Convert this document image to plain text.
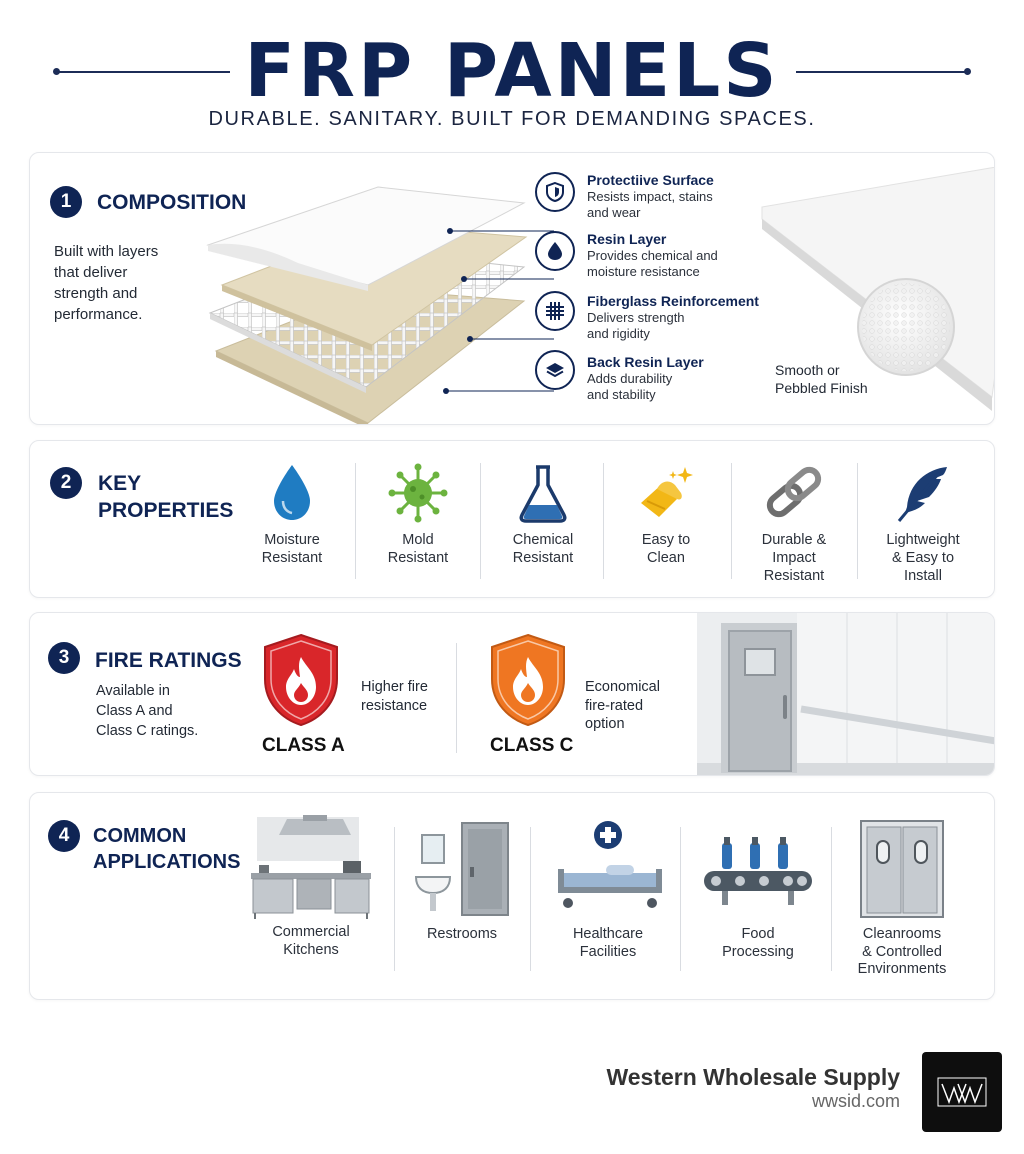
FRP PANELS
DURABLE. SANITARY. BUILT FOR DEMANDING SPACES.
1	COMPOSITION
Built with layers
that deliver
strength and
performance.
Protectiive Surface
Resists impact, stains
and wear
Resin Layer
Provides chemical and
moisture resistance
Fiberglass Reinforcement
Delivers strength
and rigidity
Back Resin Layer
Adds durability
and stability
Smooth or
Pebbled Finish
2	KEY
PROPERTIES
Moisture
Resistant
Mold
Resistant
Chemical
Resistant
Easy to
Clean
Durable &
Impact
Resistant
Lightweight
& Easy to
Install
3	FIRE RATINGS
Available in
Class A and
Class C ratings.
CLASS A
Higher fire
resistance
CLASS C
Economical
fire-rated
option
4	COMMON
APPLICATIONS
Commercial
Kitchens
Restrooms	Healthcare
Facilities
Food
Processing
Cleanrooms
& Controlled
Environments
Western Wholesale Supply
wwsid.com
